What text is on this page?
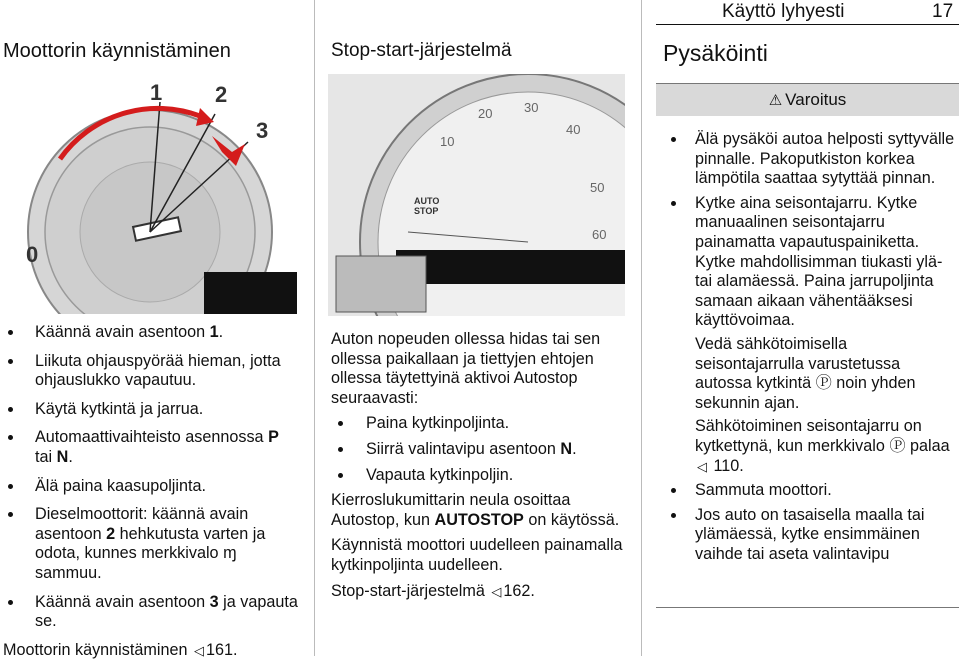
Käyttö lyhyesti	17
Moottorin käynnistäminen
0
1 2
3
Käännä avain asentoon 1.
Liikuta ohjauspyörää hieman, jotta ohjauslukko vapautuu.
Käytä kytkintä ja jarrua.
Automaattivaihteisto asennossa P tai N.
Älä paina kaasupoljinta.
Dieselmoottorit: käännä avain asentoon 2 hehkutusta varten ja odota, kunnes merkkivalo ɱ sammuu.
Käännä avain asentoon 3 ja vapauta se.
Moottorin käynnistäminen ◁ 161.
Stop-start-järjestelmä
AUTO
STOP
10
20 30
40
50
60

Auton nopeuden ollessa hidas tai sen ollessa paikallaan ja tiettyjen ehtojen ollessa täytettyinä aktivoi Autostop seuraavasti:

Paina kytkinpoljinta.
Siirrä valintavipu asentoon N.
Vapauta kytkinpoljin.

Kierroslukumittarin neula osoittaa Autostop, kun AUTOSTOP on käytössä.

Käynnistä moottori uudelleen painamalla kytkinpoljinta uudelleen.

Stop-start-järjestelmä ◁ 162.
Pysäköinti
⚠ Varoitus
Älä pysäköi autoa helposti syttyvälle pinnalle. Pakoputkiston korkea lämpötila saattaa sytyttää pinnan.
Kytke aina seisontajarru. Kytke manuaalinen seisontajarru painamatta vapautuspainiketta. Kytke mahdollisimman tiukasti ylä- tai alamäessä. Paina jarrupoljinta samaan aikaan vähentääksesi käyttövoimaa.

Vedä sähkötoimisella seisontajarrulla varustetussa autossa kytkintä Ⓟ noin yhden sekunnin ajan.

Sähkötoiminen seisontajarru on kytkettynä, kun merkkivalo Ⓟ palaa ◁ 110.

Sammuta moottori.
Jos auto on tasaisella maalla tai ylämäessä, kytke ensimmäinen vaihde tai aseta valintavipu
